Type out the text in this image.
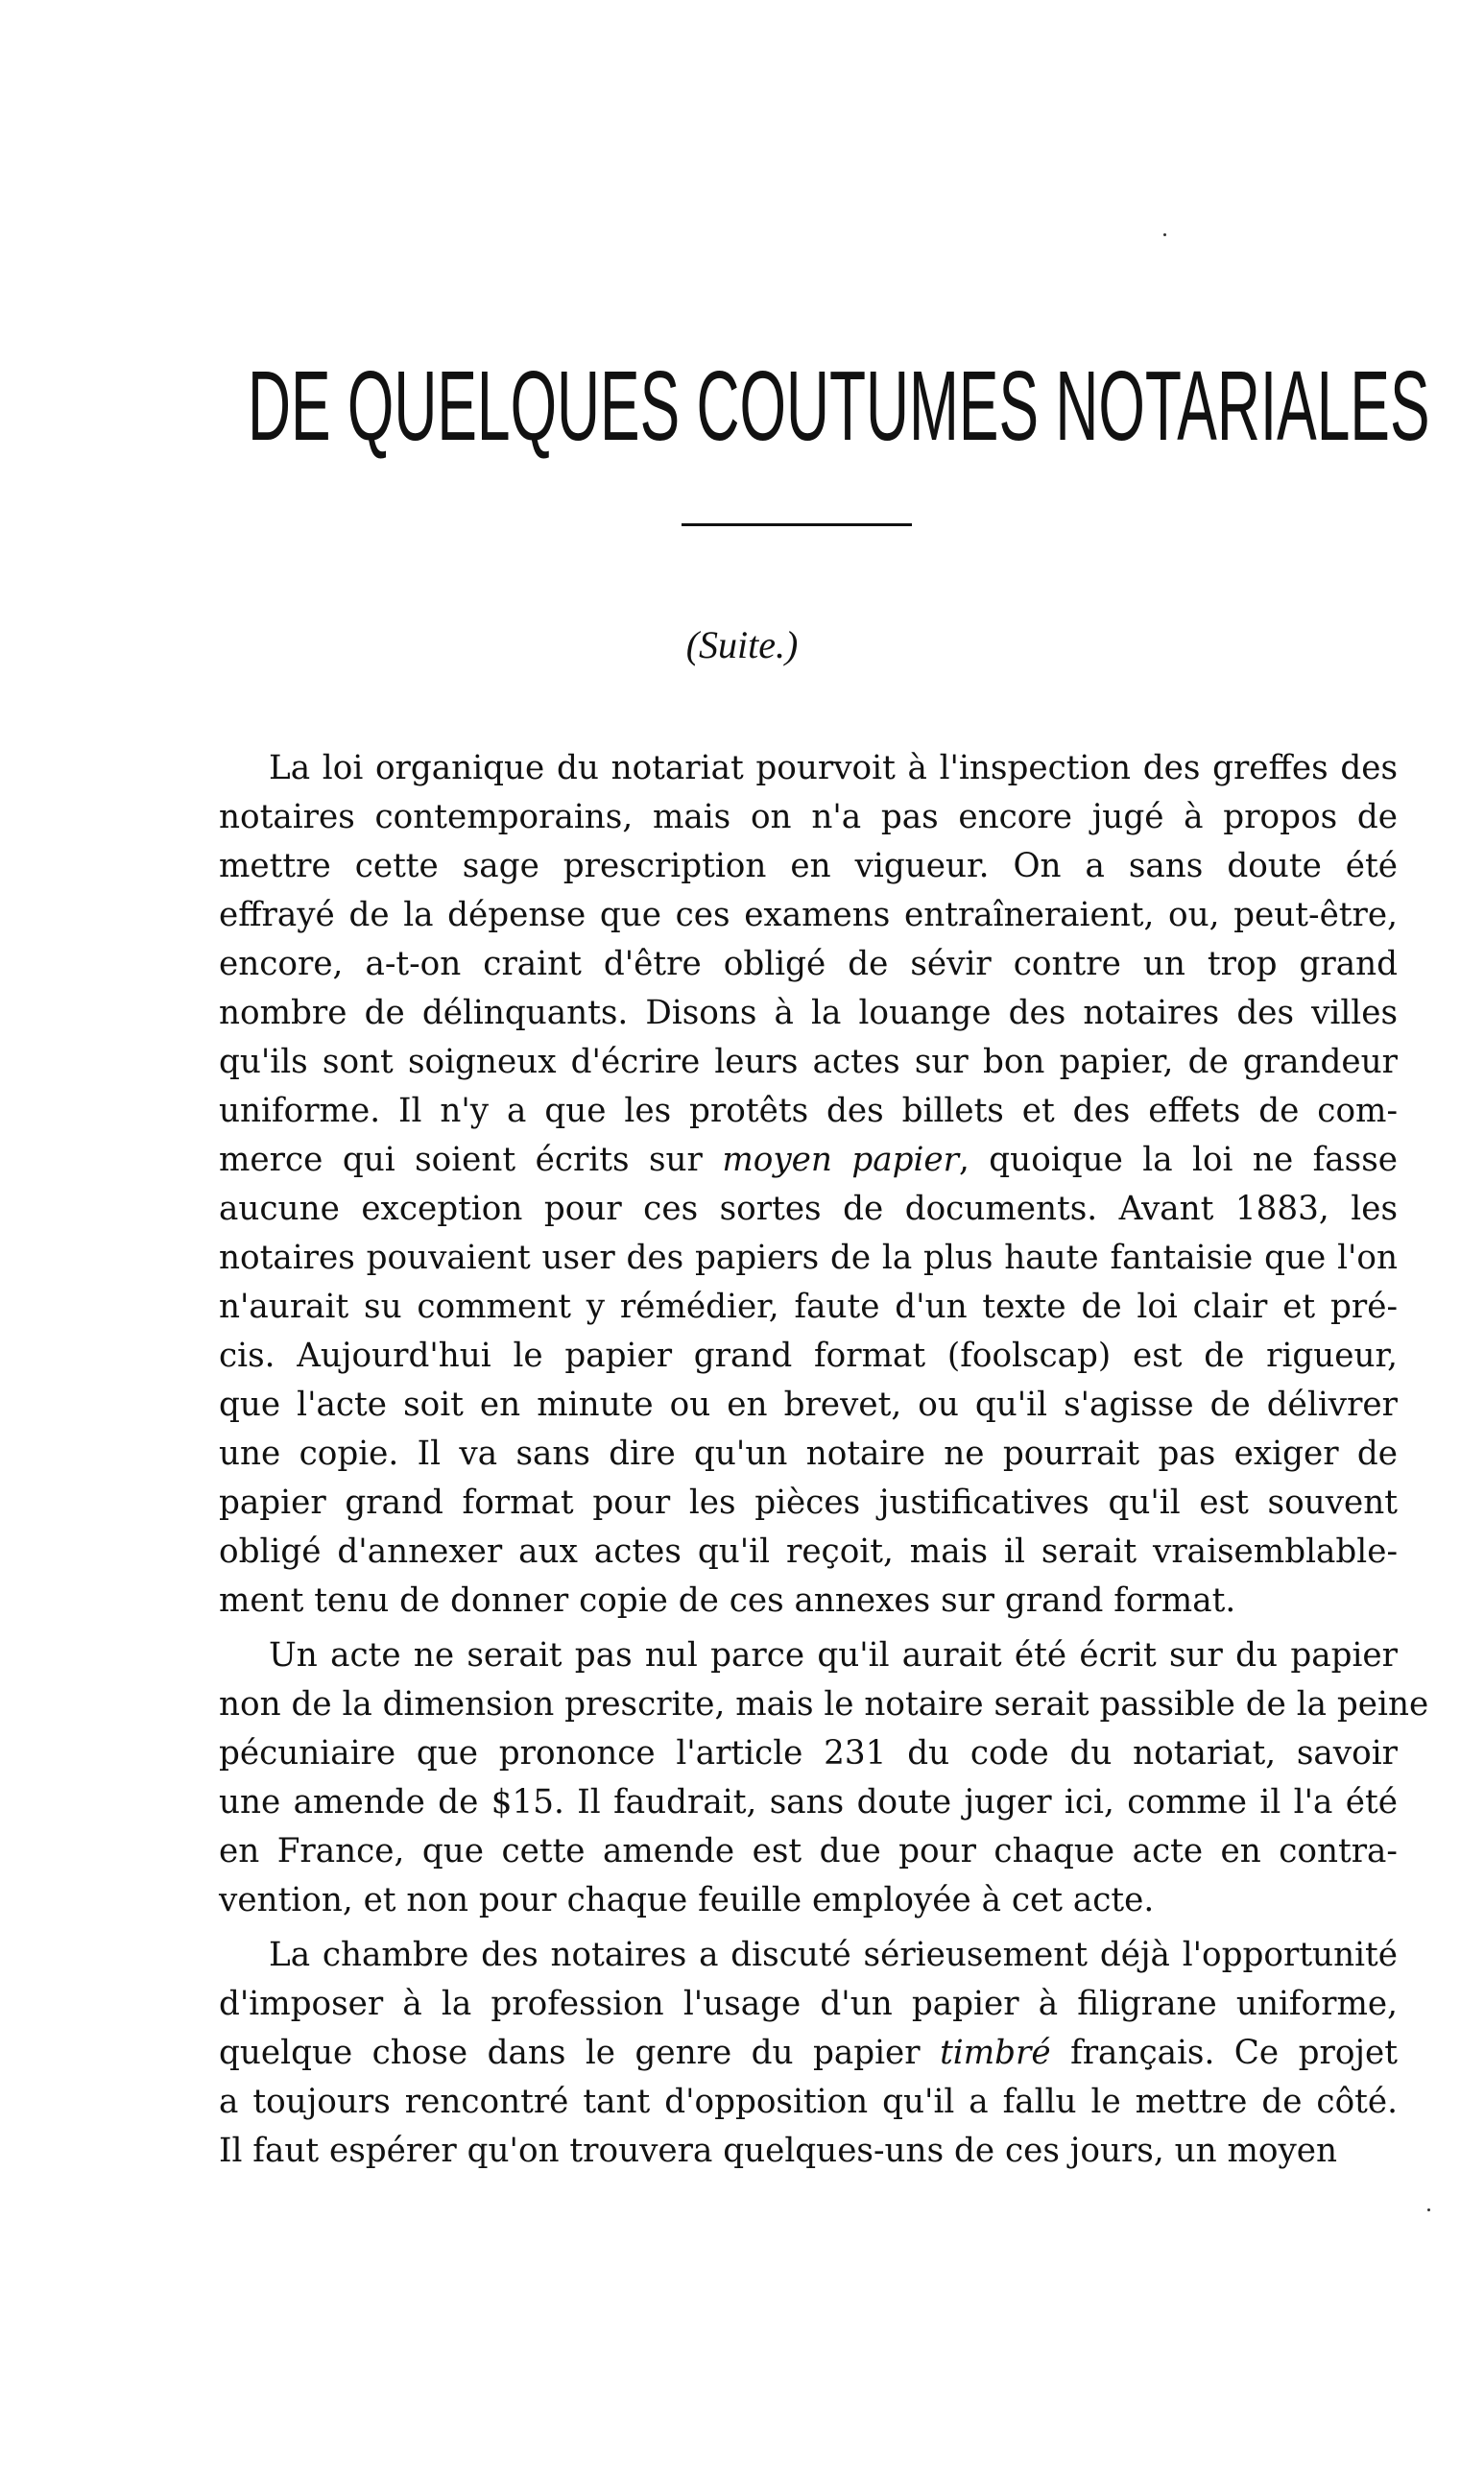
DE QUELQUES COUTUMES NOTARIALES

(Suite.)

La loi organique du notariat pourvoit à l'inspection des greffes des
notaires contemporains, mais on n'a pas encore jugé à propos de
mettre cette sage prescription en vigueur. On a sans doute été
effrayé de la dépense que ces examens entraîneraient, ou, peut-être,
encore, a-t-on craint d'être obligé de sévir contre un trop grand
nombre de délinquants. Disons à la louange des notaires des villes
qu'ils sont soigneux d'écrire leurs actes sur bon papier, de grandeur
uniforme. Il n'y a que les protêts des billets et des effets de com-
merce qui soient écrits sur moyen papier, quoique la loi ne fasse
aucune exception pour ces sortes de documents. Avant 1883, les
notaires pouvaient user des papiers de la plus haute fantaisie que l'on
n'aurait su comment y rémédier, faute d'un texte de loi clair et pré-
cis. Aujourd'hui le papier grand format (foolscap) est de rigueur,
que l'acte soit en minute ou en brevet, ou qu'il s'agisse de délivrer
une copie. Il va sans dire qu'un notaire ne pourrait pas exiger de
papier grand format pour les pièces justificatives qu'il est souvent
obligé d'annexer aux actes qu'il reçoit, mais il serait vraisemblable-
ment tenu de donner copie de ces annexes sur grand format.
Un acte ne serait pas nul parce qu'il aurait été écrit sur du papier
non de la dimension prescrite, mais le notaire serait passible de la peine
pécuniaire que prononce l'article 231 du code du notariat, savoir
une amende de $15. Il faudrait, sans doute juger ici, comme il l'a été
en France, que cette amende est due pour chaque acte en contra-
vention, et non pour chaque feuille employée à cet acte.
La chambre des notaires a discuté sérieusement déjà l'opportunité
d'imposer à la profession l'usage d'un papier à filigrane uniforme,
quelque chose dans le genre du papier timbré français. Ce projet
a toujours rencontré tant d'opposition qu'il a fallu le mettre de côté.
Il faut espérer qu'on trouvera quelques-uns de ces jours, un moyen
